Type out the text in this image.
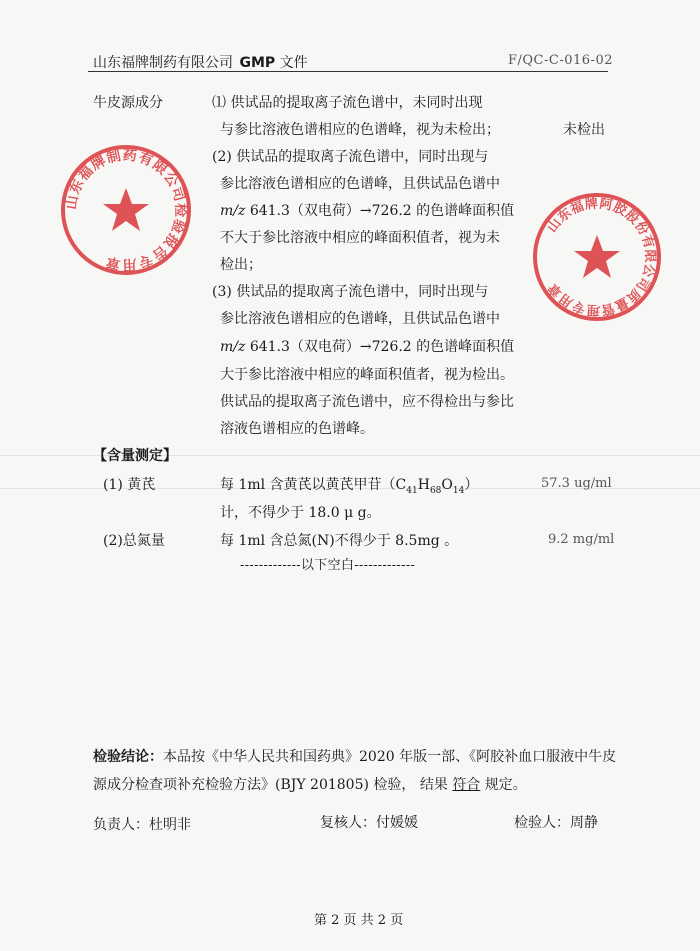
山东福牌制药有限公司 GMP 文件	F/QC-C-016-02
牛皮源成分	⑴ 供试品的提取离子流色谱中，未同时出现
与参比溶液色谱相应的色谱峰，视为未检出；	未检出
(2) 供试品的提取离子流色谱中，同时出现与
参比溶液色谱相应的色谱峰，且供试品色谱中
m/z 641.3（双电荷）→726.2 的色谱峰面积值
不大于参比溶液中相应的峰面积值者，视为未
检出；
(3) 供试品的提取离子流色谱中，同时出现与
参比溶液色谱相应的色谱峰，且供试品色谱中
m/z 641.3（双电荷）→726.2 的色谱峰面积值
大于参比溶液中相应的峰面积值者，视为检出。
供试品的提取离子流色谱中，应不得检出与参比
溶液色谱相应的色谱峰。
【含量测定】
(1) 黄芪	每 1ml 含黄芪以黄芪甲苷$(C_{41}H_{68}O_{14})$	57.3 ug/ml
计，不得少于 18.0 μ g。
(2)总氮量	每 1ml 含总氮(N)不得少于 8.5mg 。	9.2 mg/ml
-------------以下空白-------------
检验结论：本品按《中华人民共和国药典》2020 年版一部、《阿胶补血口服液中牛皮
源成分检查项补充检验方法》(BJY 201805) 检验， 结果 符合 规定。
负责人：杜明非	复核人：付媛媛	检验人：周静
第 2 页 共 2 页
山东福牌制药有限公司检验报告专用章
山东福牌阿胶股份有限公司质量管理专用章
